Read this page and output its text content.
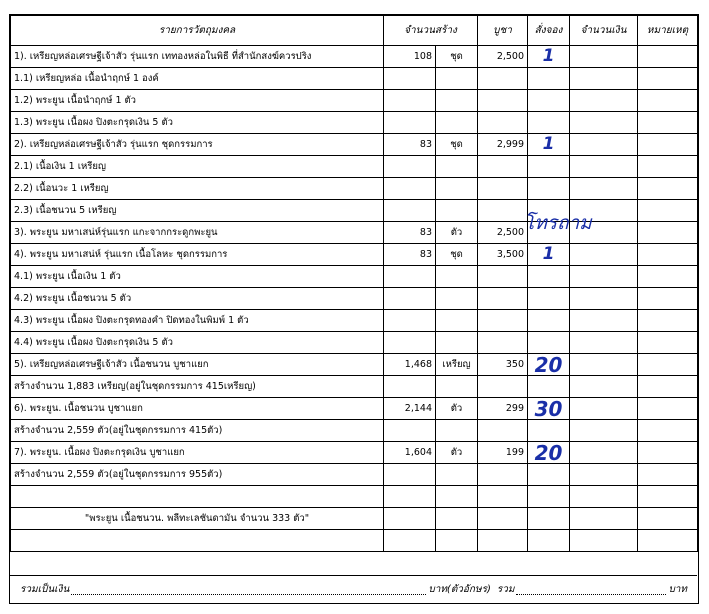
รายการวัตถุมงคล	จำนวนสร้าง		บูชา	สั่งจอง	จำนวนเงิน	หมายเหตุ
1). เหรียญหล่อเศรษฐีเจ้าสัว รุ่นแรก เททองหล่อในพิธี ที่สำนักสงฆ์ควรปริง	108	ชุด	2,500	1		
1.1) เหรียญหล่อ เนื้อนำฤกษ์ 1 องค์						
1.2) พระยูน เนื้อนำฤกษ์ 1 ตัว						
1.3) พระยูน เนื้อผง ปิงตะกรุดเงิน 5 ตัว						
2). เหรียญหล่อเศรษฐีเจ้าสัว รุ่นแรก ชุดกรรมการ	83	ชุด	2,999	1		
2.1) เนื้อเงิน 1 เหรียญ						
2.2) เนื้อนวะ 1 เหรียญ						
2.3) เนื้อชนวน 5 เหรียญ						
3). พระยูน มหาเสน่ห์รุ่นแรก แกะจากกระดูกพะยูน	83	ตัว	2,500	โทรถาม		

4). พระยูน มหาเสน่ห์ รุ่นแรก เนื้อโลหะ ชุดกรรมการ	83	ชุด	3,500	1		
4.1) พระยูน เนื้อเงิน 1 ตัว						
4.2) พระยูน เนื้อชนวน 5 ตัว						
4.3) พระยูน เนื้อผง ปิงตะกรุดทองคำ ปิดทองในพิมพ์ 1 ตัว						
4.4) พระยูน เนื้อผง ปิงตะกรุดเงิน 5 ตัว						
5). เหรียญหล่อเศรษฐีเจ้าสัว เนื้อชนวน บูชาแยก	1,468	เหรียญ	350	20		
สร้างจำนวน 1,883 เหรียญ(อยู่ในชุดกรรมการ 415เหรียญ)						
6). พระยูน. เนื้อชนวน บูชาแยก	2,144	ตัว	299	30		
สร้างจำนวน 2,559 ตัว(อยู่ในชุดกรรมการ 415ตัว)						
7). พระยูน. เนื้อผง ปิงตะกรุดเงิน บูชาแยก	1,604	ตัว	199	20		
สร้างจำนวน 2,559 ตัว(อยู่ในชุดกรรมการ 955ตัว)						

"พระยูน เนื้อชนวน. พลีทะเลชันดามัน จำนวน 333 ตัว"						

รวมเป็นเงิน	บาท(ตัวอักษร) รวม	บาท
